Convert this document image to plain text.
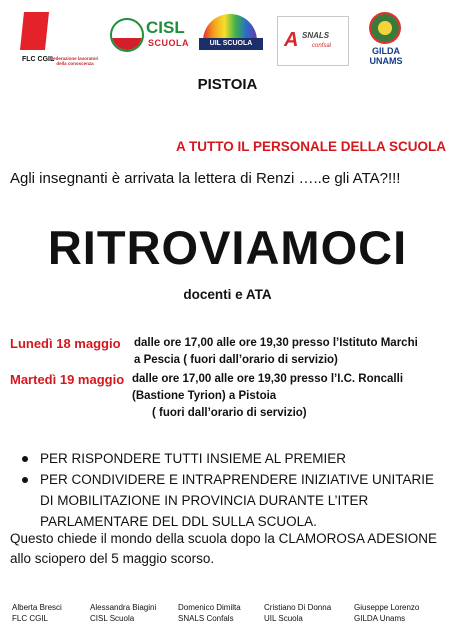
FLC CGIL
federazione lavoratori della conoscenza
CISL
SCUOLA	UIL SCUOLA	A SNALS
confsal	GILDA
UNAMS
PISTOIA
A TUTTO IL PERSONALE DELLA SCUOLA
Agli insegnanti è arrivata la lettera di Renzi …..e gli ATA?!!!
RITROVIAMOCI
docenti e ATA
Lunedì 18 maggio dalle ore 17,00 alle ore 19,30 presso l’Istituto Marchi
a Pescia ( fuori dall’orario di servizio)
Martedì 19 maggio dalle ore 17,00 alle ore 19,30 presso l’I.C. Roncalli
(Bastione Tyrion) a Pistoia
( fuori dall’orario di servizio)
PER RISPONDERE TUTTI INSIEME AL PREMIER
PER CONDIVIDERE E INTRAPRENDERE INIZIATIVE UNITARIE
DI MOBILITAZIONE IN PROVINCIA DURANTE L’ITER
PARLAMENTARE DEL DDL SULLA SCUOLA.
Questo chiede il mondo della scuola dopo la CLAMOROSA ADESIONE allo sciopero del 5 maggio scorso.
Alberta Bresci
FLC CGIL
Alessandra Biagini
CISL Scuola
Domenico Dimilta
SNALS Confals
Cristiano Di Donna
UIL Scuola
Giuseppe Lorenzo
GILDA Unams
